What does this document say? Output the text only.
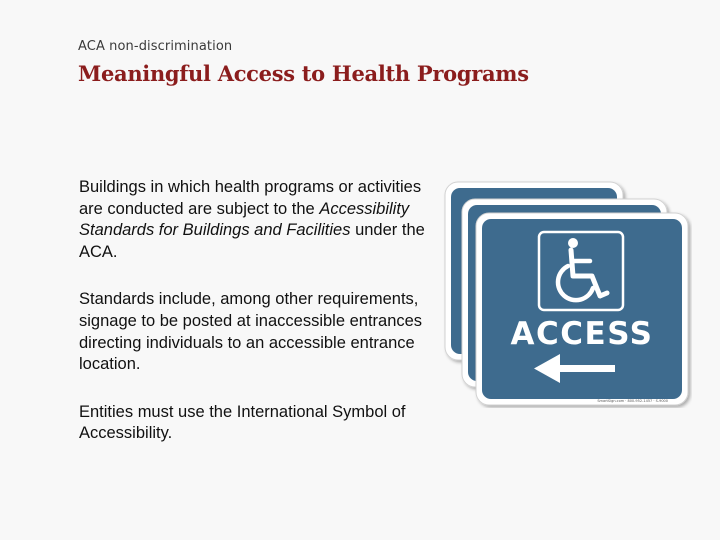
ACA non-discrimination
Meaningful Access to Health Programs

Buildings in which health programs or activities are conducted are subject to the Accessibility Standards for Buildings and Facilities under the ACA.

Standards include, among other requirements, signage to be posted at inaccessible entrances directing individuals to an accessible entrance location.

Entities must use the International Symbol of Accessibility.

ACCESS
SmartSign.com · 800-952-1457 · S-9000
